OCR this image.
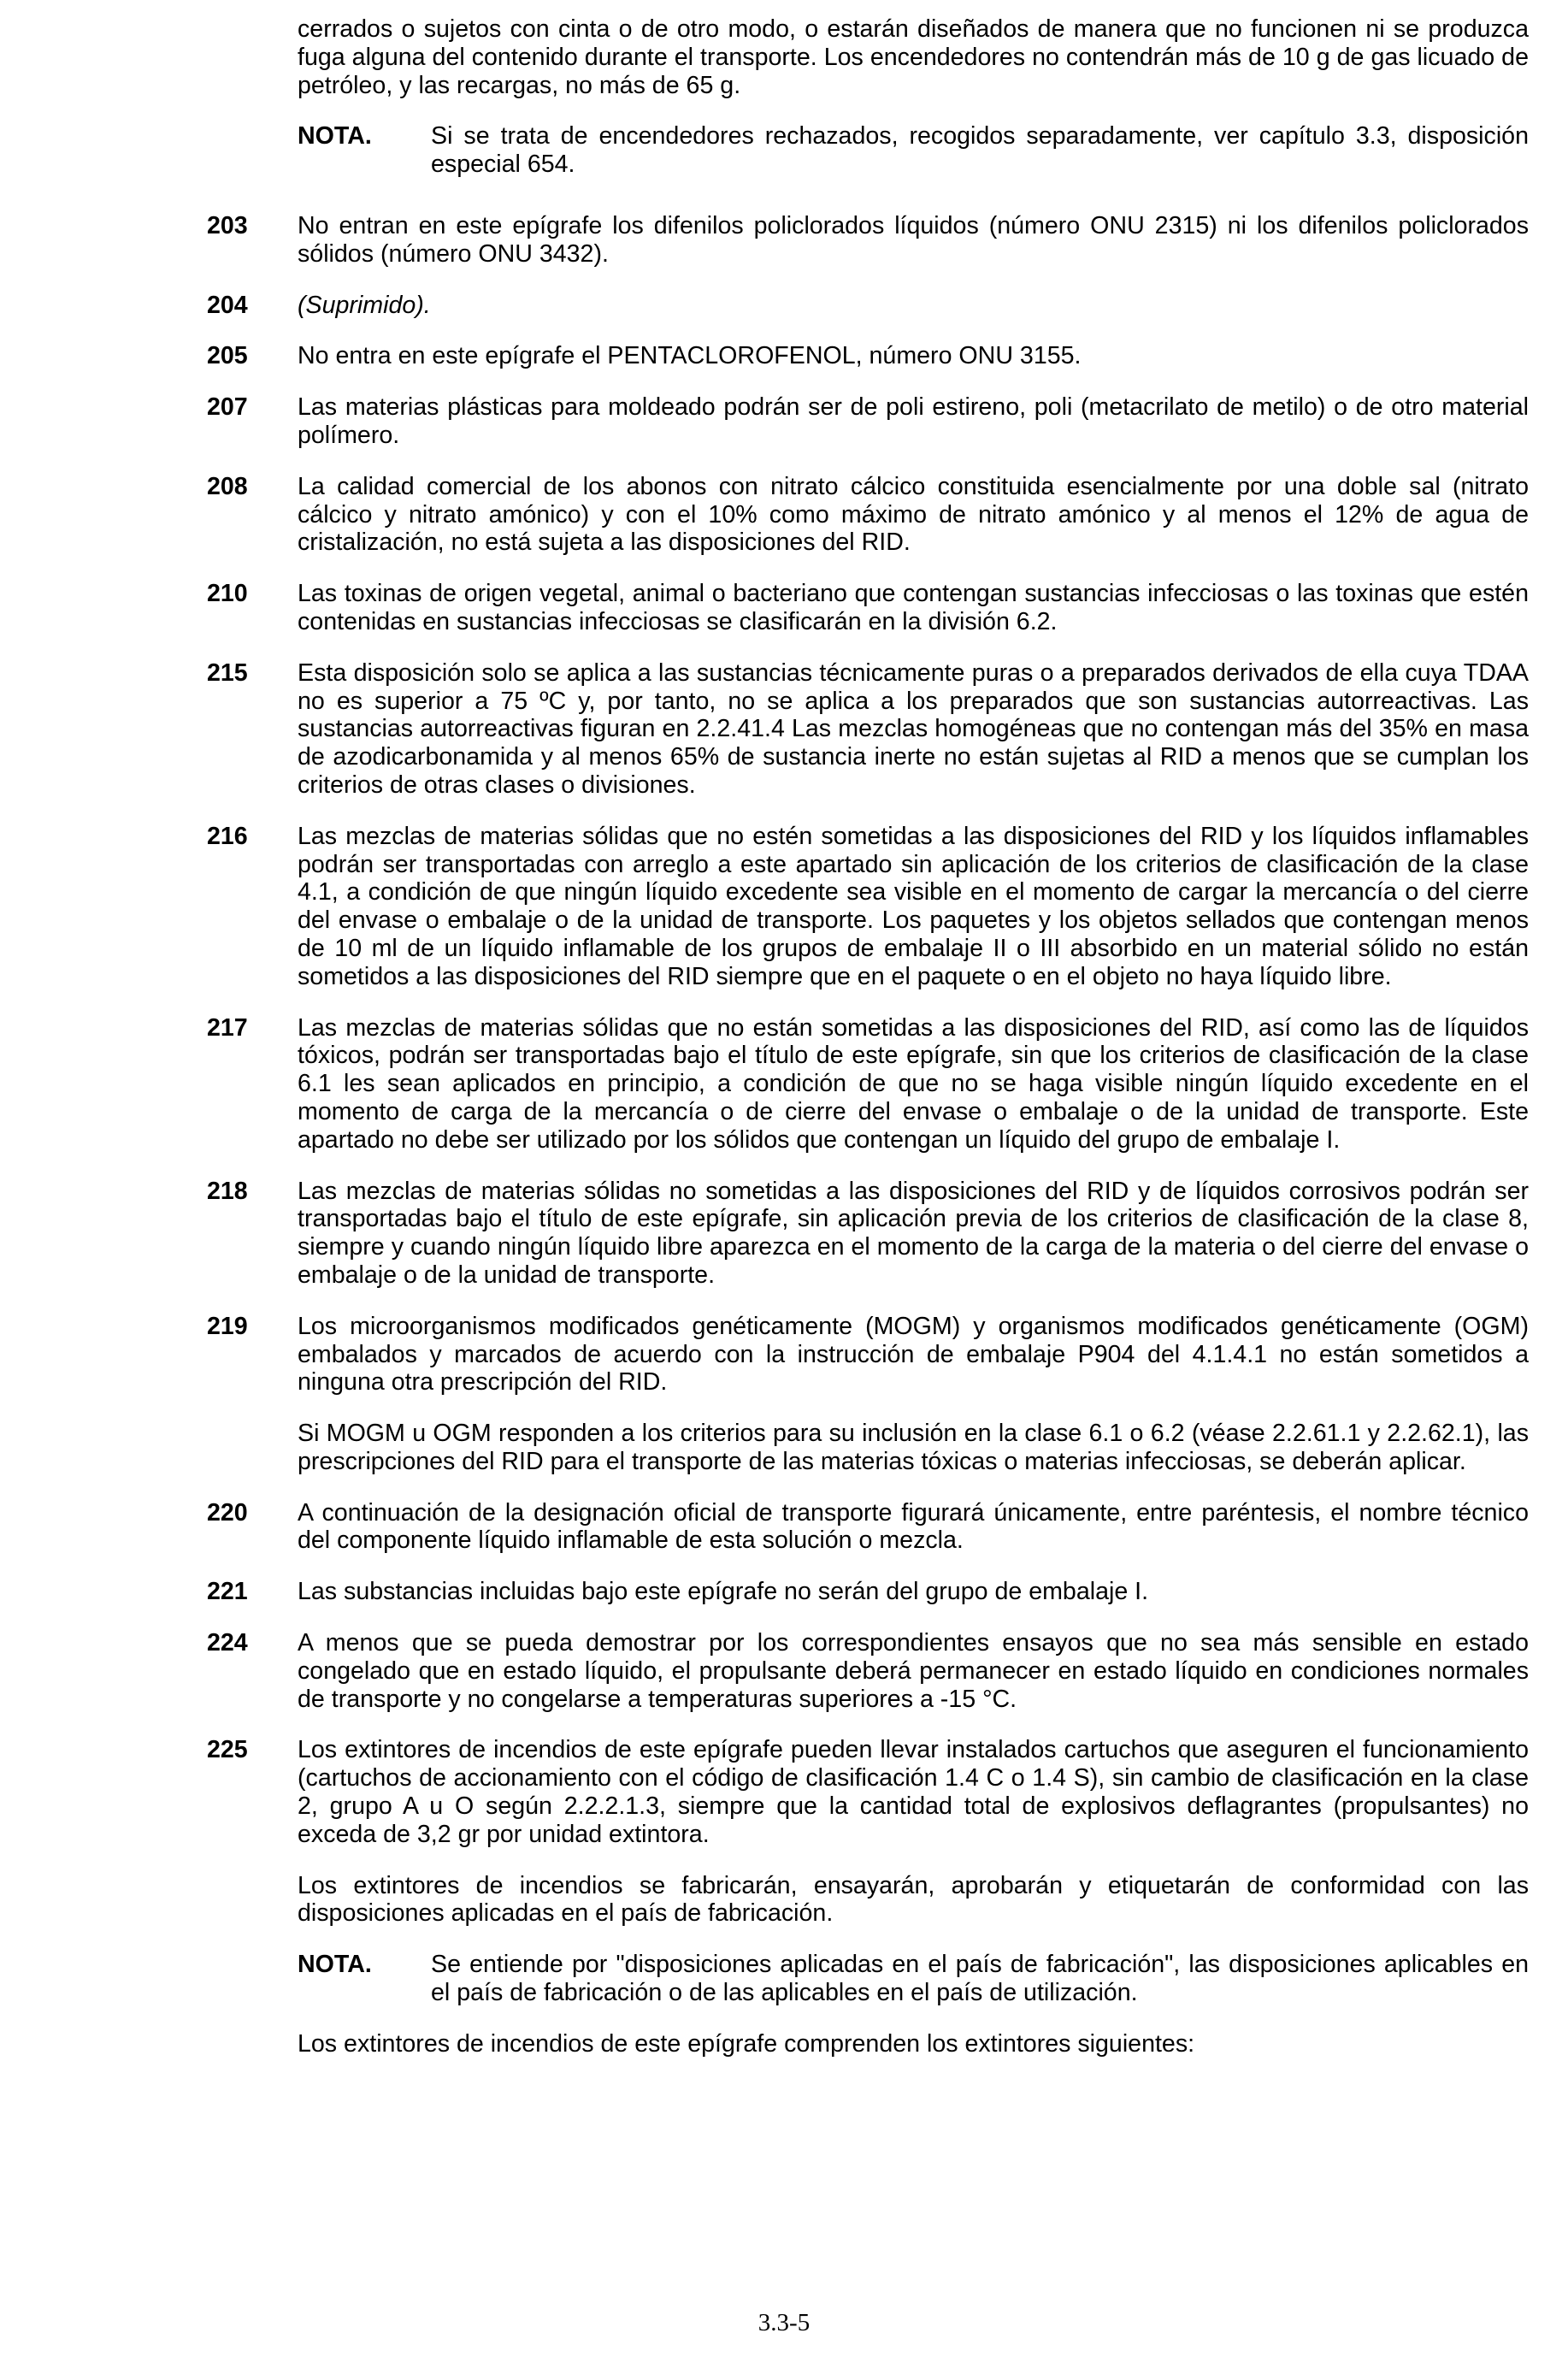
cerrados o sujetos con cinta o de otro modo, o estarán diseñados de manera que no funcionen ni se produzca fuga alguna del contenido durante el transporte. Los encendedores no contendrán más de 10 g de gas licuado de petróleo, y las recargas, no más de 65 g.

NOTA. Si se trata de encendedores rechazados, recogidos separadamente, ver capítulo 3.3, disposición especial 654.
203 No entran en este epígrafe los difenilos policlorados líquidos (número ONU 2315) ni los difenilos policlorados sólidos (número ONU 3432).

204 (Suprimido).

205 No entra en este epígrafe el PENTACLOROFENOL, número ONU 3155.

207 Las materias plásticas para moldeado podrán ser de poli estireno, poli (metacrilato de metilo) o de otro material polímero.

208 La calidad comercial de los abonos con nitrato cálcico constituida esencialmente por una doble sal (nitrato cálcico y nitrato amónico) y con el 10% como máximo de nitrato amónico y al menos el 12% de agua de cristalización, no está sujeta a las disposiciones del RID.

210 Las toxinas de origen vegetal, animal o bacteriano que contengan sustancias infecciosas o las toxinas que estén contenidas en sustancias infecciosas se clasificarán en la división 6.2.

215 Esta disposición solo se aplica a las sustancias técnicamente puras o a preparados derivados de ella cuya TDAA no es superior a 75 ºC y, por tanto, no se aplica a los preparados que son sustancias autorreactivas. Las sustancias autorreactivas figuran en 2.2.41.4 Las mezclas homogéneas que no contengan más del 35% en masa de azodicarbonamida y al menos 65% de sustancia inerte no están sujetas al RID a menos que se cumplan los criterios de otras clases o divisiones.

216 Las mezclas de materias sólidas que no estén sometidas a las disposiciones del RID y los líquidos inflamables podrán ser transportadas con arreglo a este apartado sin aplicación de los criterios de clasificación de la clase 4.1, a condición de que ningún líquido excedente sea visible en el momento de cargar la mercancía o del cierre del envase o embalaje o de la unidad de transporte. Los paquetes y los objetos sellados que contengan menos de 10 ml de un líquido inflamable de los grupos de embalaje II o III absorbido en un material sólido no están sometidos a las disposiciones del RID siempre que en el paquete o en el objeto no haya líquido libre.

217 Las mezclas de materias sólidas que no están sometidas a las disposiciones del RID, así como las de líquidos tóxicos, podrán ser transportadas bajo el título de este epígrafe, sin que los criterios de clasificación de la clase 6.1 les sean aplicados en principio, a condición de que no se haga visible ningún líquido excedente en el momento de carga de la mercancía o de cierre del envase o embalaje o de la unidad de transporte. Este apartado no debe ser utilizado por los sólidos que contengan un líquido del grupo de embalaje I.

218 Las mezclas de materias sólidas no sometidas a las disposiciones del RID y de líquidos corrosivos podrán ser transportadas bajo el título de este epígrafe, sin aplicación previa de los criterios de clasificación de la clase 8, siempre y cuando ningún líquido libre aparezca en el momento de la carga de la materia o del cierre del envase o embalaje o de la unidad de transporte.

219 Los microorganismos modificados genéticamente (MOGM) y organismos modificados genéticamente (OGM) embalados y marcados de acuerdo con la instrucción de embalaje P904 del 4.1.4.1 no están sometidos a ninguna otra prescripción del RID.

Si MOGM u OGM responden a los criterios para su inclusión en la clase 6.1 o 6.2 (véase 2.2.61.1 y 2.2.62.1), las prescripciones del RID para el transporte de las materias tóxicas o materias infecciosas, se deberán aplicar.

220 A continuación de la designación oficial de transporte figurará únicamente, entre paréntesis, el nombre técnico del componente líquido inflamable de esta solución o mezcla.

221 Las substancias incluidas bajo este epígrafe no serán del grupo de embalaje I.

224 A menos que se pueda demostrar por los correspondientes ensayos que no sea más sensible en estado congelado que en estado líquido, el propulsante deberá permanecer en estado líquido en condiciones normales de transporte y no congelarse a temperaturas superiores a -15 °C.

225 Los extintores de incendios de este epígrafe pueden llevar instalados cartuchos que aseguren el funcionamiento (cartuchos de accionamiento con el código de clasificación 1.4 C o 1.4 S), sin cambio de clasificación en la clase 2, grupo A u O según 2.2.2.1.3, siempre que la cantidad total de explosivos deflagrantes (propulsantes) no exceda de 3,2 gr por unidad extintora.

Los extintores de incendios se fabricarán, ensayarán, aprobarán y etiquetarán de conformidad con las disposiciones aplicadas en el país de fabricación.

NOTA. Se entiende por "disposiciones aplicadas en el país de fabricación", las disposiciones aplicables en el país de fabricación o de las aplicables en el país de utilización.

Los extintores de incendios de este epígrafe comprenden los extintores siguientes:

3.3-5
